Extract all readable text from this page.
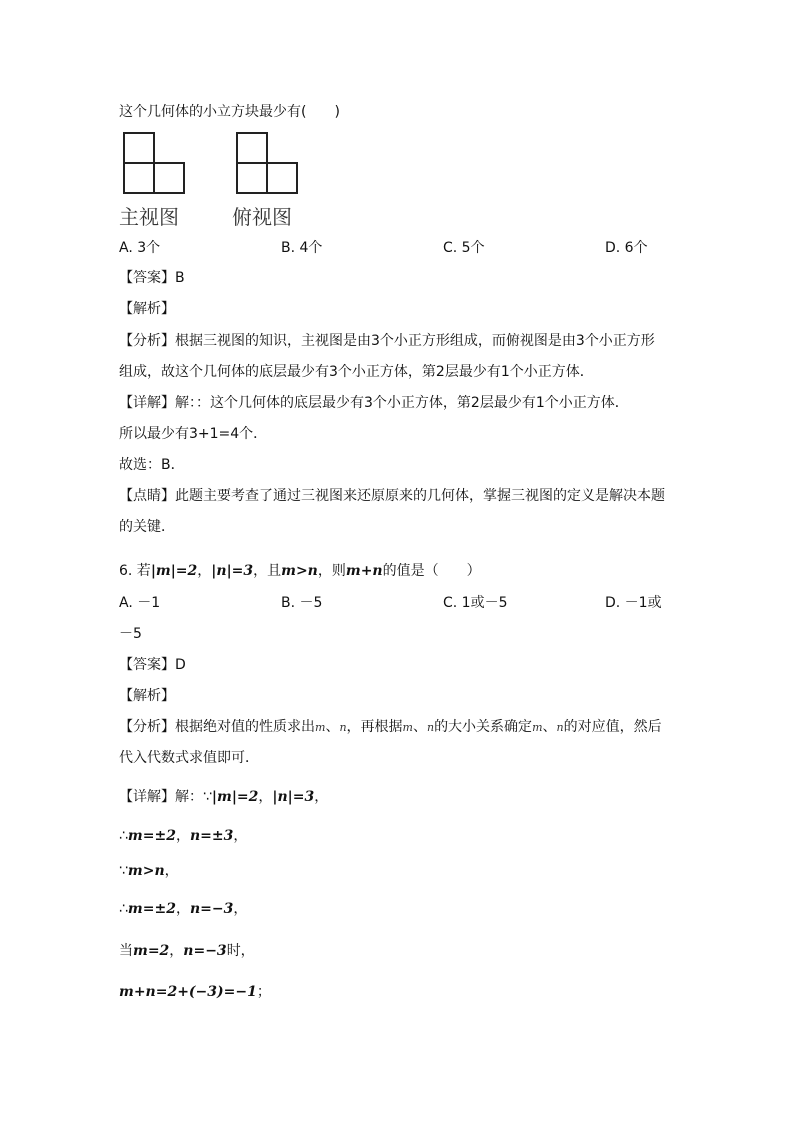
这个几何体的小立方块最少有(　　)
主视图	俯视图
A. 3个	B. 4个	C. 5个	D. 6个
【答案】B
【解析】
【分析】根据三视图的知识，主视图是由3个小正方形组成，而俯视图是由3个小正方形
组成，故这个几何体的底层最少有3个小正方体，第2层最少有1个小正方体．
【详解】解：：这个几何体的底层最少有3个小正方体，第2层最少有1个小正方体．
所以最少有3+1=4个．
故选：B．
【点睛】此题主要考查了通过三视图来还原原来的几何体，掌握三视图的定义是解决本题
的关键．
6. 若|m|=2，|n|=3，且m>n，则m+n的值是（　　）
A. －1	B. －5	C. 1或－5	D. －1或
－5
【答案】D
【解析】
【分析】根据绝对值的性质求出m、n，再根据m、n的大小关系确定m、n的对应值，然后
代入代数式求值即可．
【详解】解：∵|m|=2，|n|=3，
∴m=±2，n=±3，
∵m>n，
∴m=±2，n=−3，
当m=2，n=−3时，
m+n=2+(−3)=−1；
